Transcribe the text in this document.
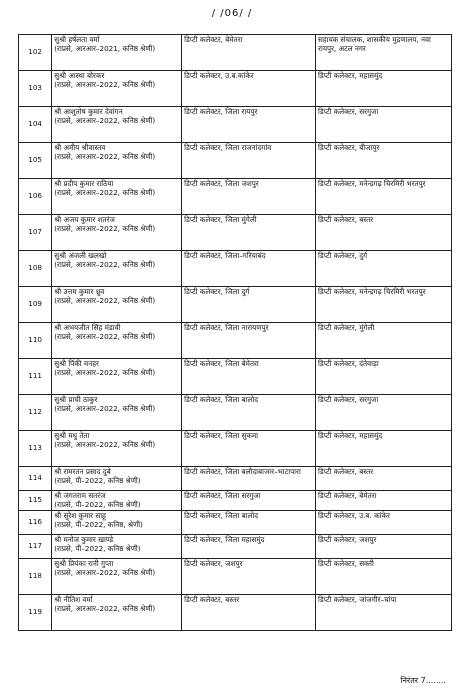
/ /06/ /
102	सुश्री हर्षलता वर्मा
(राप्रसे, आरआर–2021, कनिष्ठ श्रेणी)	डिप्टी कलेक्टर, बेमेतरा	सहायक संचालक, शासकीय मुद्रणालय, नवा रायपुर, अटल नगर
103	सुश्री आस्था बोरकर
(राप्रसे, आरआर–2022, कनिष्ठ श्रेणी)	डिप्टी कलेक्टर, उ.ब.कांकेर	डिप्टी कलेक्टर, महासमुंद
104	श्री आशुतोष कुमार देवांगन
(राप्रसे, आरआर–2022, कनिष्ठ श्रेणी)	डिप्टी कलेक्टर, जिला रायपुर	डिप्टी कलेक्टर, सरगुजा
105	श्री अमीय श्रीवास्तव
(राप्रसे, आरआर–2022, कनिष्ठ श्रेणी)	डिप्टी कलेक्टर, जिला राजनांदगांव	डिप्टी कलेक्टर, बीजापुर
106	श्री प्रदीप कुमार राठिया
(राप्रसे, आरआर–2022, कनिष्ठ श्रेणी)	डिप्टी कलेक्टर, जिला जशपुर	डिप्टी कलेक्टर, मनेन्द्रगढ़ चिरमिरी भरतपुर
107	श्री अजय कुमार शतरंज
(राप्रसे, आरआर–2022, कनिष्ठ श्रेणी)	डिप्टी कलेक्टर, जिला मुंगेली	डिप्टी कलेक्टर, बस्तर
108	सुश्री अंजली खलखो
(राप्रसे, आरआर–2022, कनिष्ठ श्रेणी)	डिप्टी कलेक्टर, जिला–गरियाबंद	डिप्टी कलेक्टर, दुर्ग
109	श्री उत्तम कुमार ध्रुव
(राप्रसे, आरआर–2022, कनिष्ठ श्रेणी)	डिप्टी कलेक्टर, जिला दुर्ग	डिप्टी कलेक्टर, मनेन्द्रगढ़ चिरमिरी भरतपुर
110	श्री अभयजीत सिंह मंडावी
(राप्रसे, आरआर–2022, कनिष्ठ श्रेणी)	डिप्टी कलेक्टर, जिला नारायणपुर	डिप्टी कलेक्टर, मुंगेली
111	सुश्री पिंकी मनहर
(राप्रसे, आरआर–2022, कनिष्ठ श्रेणी)	डिप्टी कलेक्टर, जिला बेमेतरा	डिप्टी कलेक्टर, दंतेवाड़ा
112	सुश्री प्राची ठाकुर
(राप्रसे, आरआर–2022, कनिष्ठ श्रेणी)	डिप्टी कलेक्टर, जिला बालोद	डिप्टी कलेक्टर, सरगुजा
113	सुश्री मधु तेता
(राप्रसे, आरआर–2022, कनिष्ठ श्रेणी)	डिप्टी कलेक्टर, जिला सुकमा	डिप्टी कलेक्टर, महासमुंद
114	श्री रामरतन प्रसाद दुबे
(राप्रसे, पी–2022, कनिष्ठ श्रेणी)	डिप्टी कलेक्टर, जिला बलौदाबाजार–भाटापारा	डिप्टी कलेक्टर, बस्तर
115	श्री जगतराम सतरंज
(राप्रसे, पी–2022, कनिष्ठ श्रेणी)	डिप्टी कलेक्टर, जिला सरगुजा	डिप्टी कलेक्टर, बेमेतरा
116	श्री सुरेश कुमार साहू
(राप्रसे, पी–2022, कनिष्ठ, श्रेणी)	डिप्टी कलेक्टर, जिला बालोद	डिप्टी कलेक्टर, उ.ब. कांकेर
117	श्री मनोज कुमार खाण्डे
(राप्रसे, पी–2022, कनिष्ठ श्रेणी)	डिप्टी कलेक्टर, जिला महासमुंद	डिप्टी कलेक्टर, जशपुर
118	सुश्री प्रियंका रानी गुप्ता
(राप्रसे, आरआर–2022, कनिष्ठ श्रेणी)	डिप्टी कलेक्टर, जशपुर	डिप्टी कलेक्टर, सक्ती
119	श्री नीतिश वर्मा
(राप्रसे, आरआर–2022, कनिष्ठ श्रेणी)	डिप्टी कलेक्टर, बस्तर	डिप्टी कलेक्टर, जांजगीर–चांपा
निरंतर 7........
